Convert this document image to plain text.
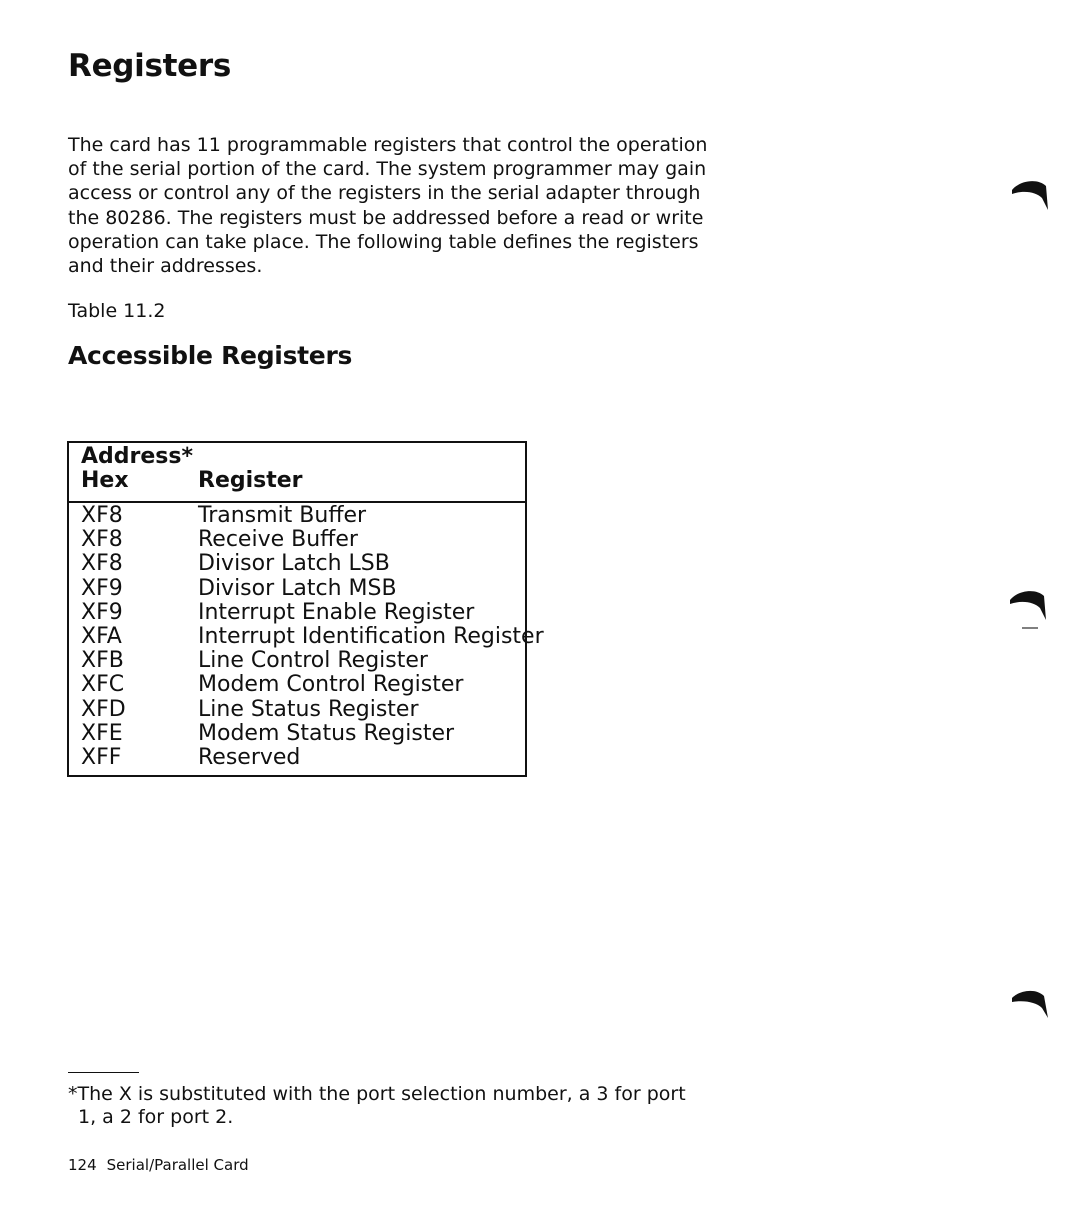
Registers

The card has 11 programmable registers that control the operation of the serial portion of the card. The system programmer may gain access or control any of the registers in the serial adapter through the 80286. The registers must be addressed before a read or write operation can take place. The following table defines the registers and their addresses.

Table 11.2

Accessible Registers
Address*
Hex	Register
XF8	Transmit Buffer
XF8	Receive Buffer
XF8	Divisor Latch LSB
XF9	Divisor Latch MSB
XF9	Interrupt Enable Register
XFA	Interrupt Identification Register
XFB	Line Control Register
XFC	Modem Control Register
XFD	Line Status Register
XFE	Modem Status Register
XFF	Reserved

*The X is substituted with the port selection number, a 3 for port
1, a 2 for port 2.

124 Serial/Parallel Card
